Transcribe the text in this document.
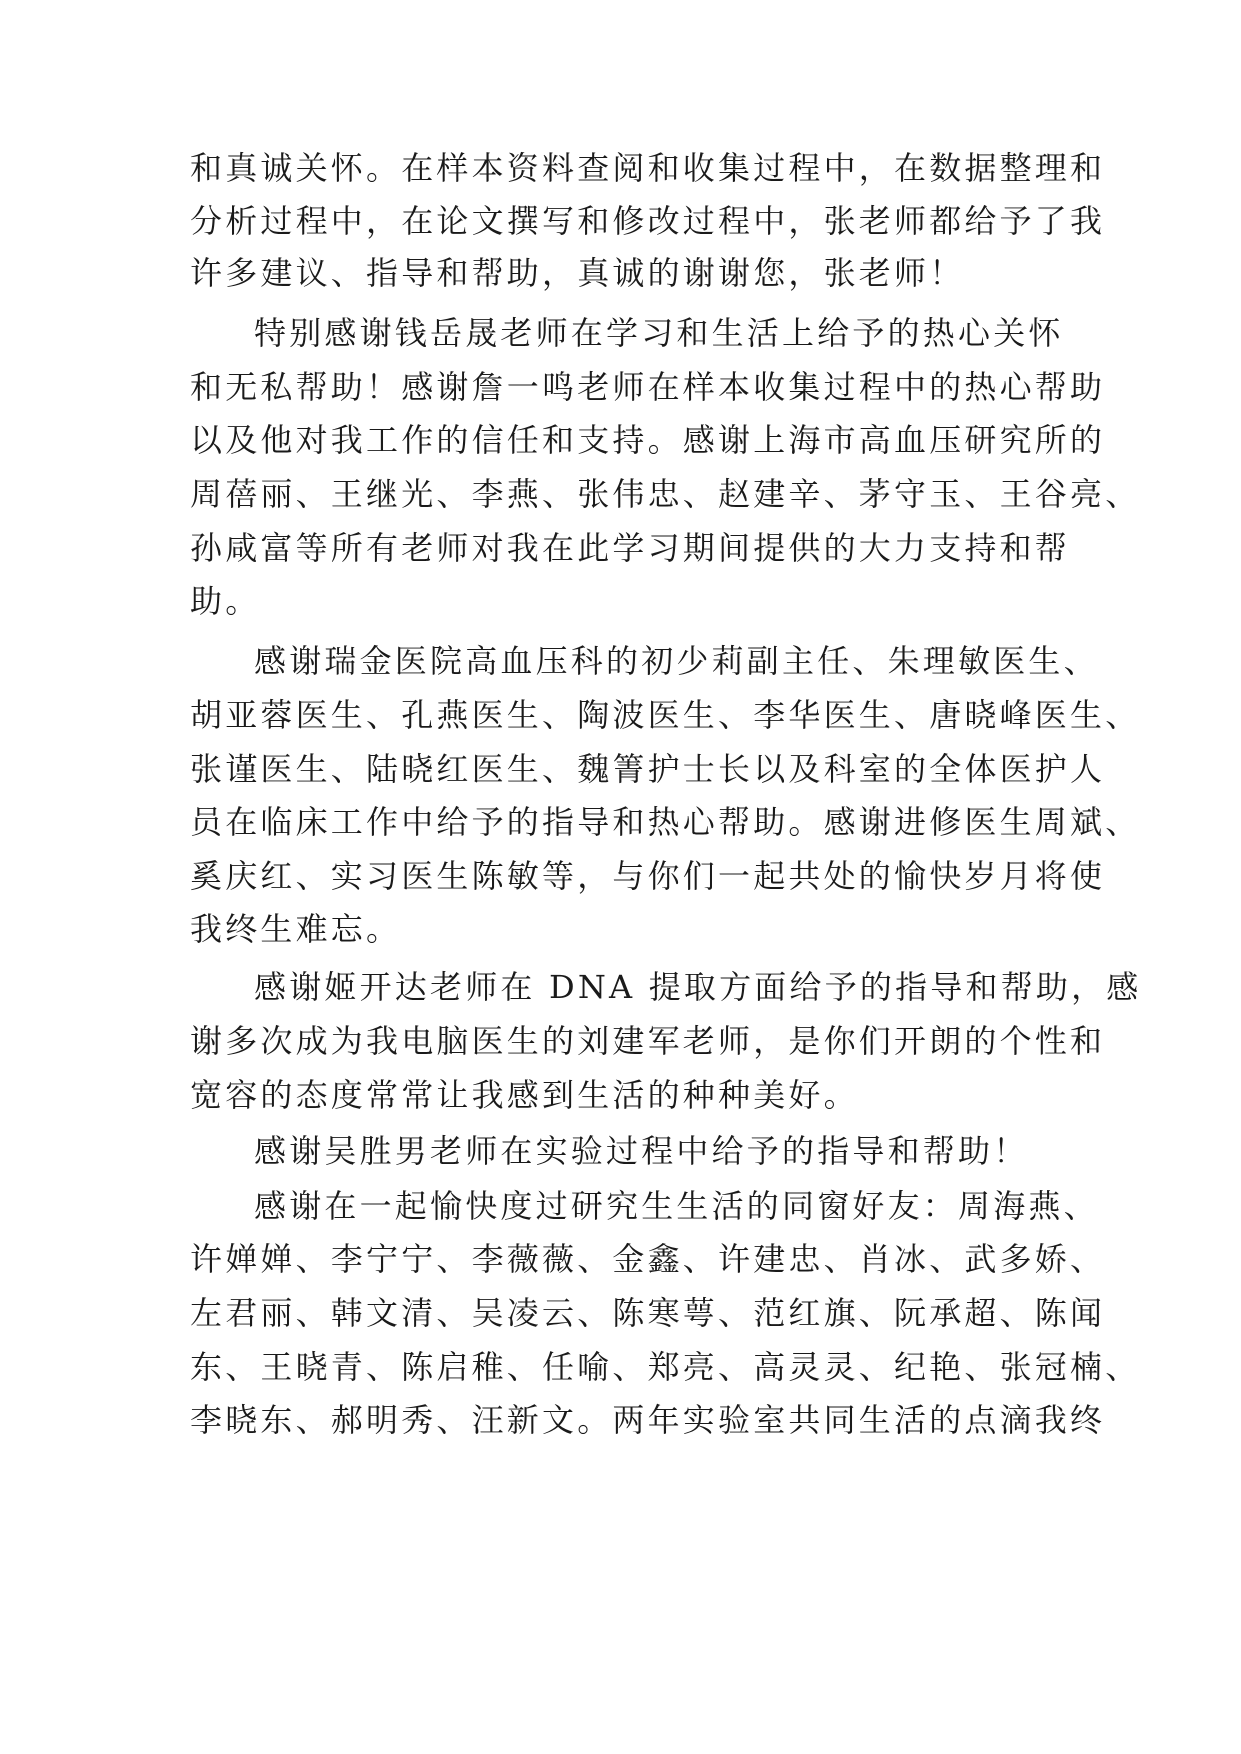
和真诚关怀。在样本资料查阅和收集过程中，在数据整理和
分析过程中，在论文撰写和修改过程中，张老师都给予了我
许多建议、指导和帮助，真诚的谢谢您，张老师！
特别感谢钱岳晟老师在学习和生活上给予的热心关怀
和无私帮助！感谢詹一鸣老师在样本收集过程中的热心帮助
以及他对我工作的信任和支持。感谢上海市高血压研究所的
周蓓丽、王继光、李燕、张伟忠、赵建辛、茅守玉、王谷亮、
孙咸富等所有老师对我在此学习期间提供的大力支持和帮
助。
感谢瑞金医院高血压科的初少莉副主任、朱理敏医生、
胡亚蓉医生、孔燕医生、陶波医生、李华医生、唐晓峰医生、
张谨医生、陆晓红医生、魏箐护士长以及科室的全体医护人
员在临床工作中给予的指导和热心帮助。感谢进修医生周斌、
奚庆红、实习医生陈敏等，与你们一起共处的愉快岁月将使
我终生难忘。
感谢姬开达老师在 DNA 提取方面给予的指导和帮助，感
谢多次成为我电脑医生的刘建军老师，是你们开朗的个性和
宽容的态度常常让我感到生活的种种美好。
感谢吴胜男老师在实验过程中给予的指导和帮助！
感谢在一起愉快度过研究生生活的同窗好友：周海燕、
许婵婵、李宁宁、李薇薇、金鑫、许建忠、肖冰、武多娇、
左君丽、韩文清、吴凌云、陈寒萼、范红旗、阮承超、陈闻
东、王晓青、陈启稚、任喻、郑亮、高灵灵、纪艳、张冠楠、
李晓东、郝明秀、汪新文。两年实验室共同生活的点滴我终
